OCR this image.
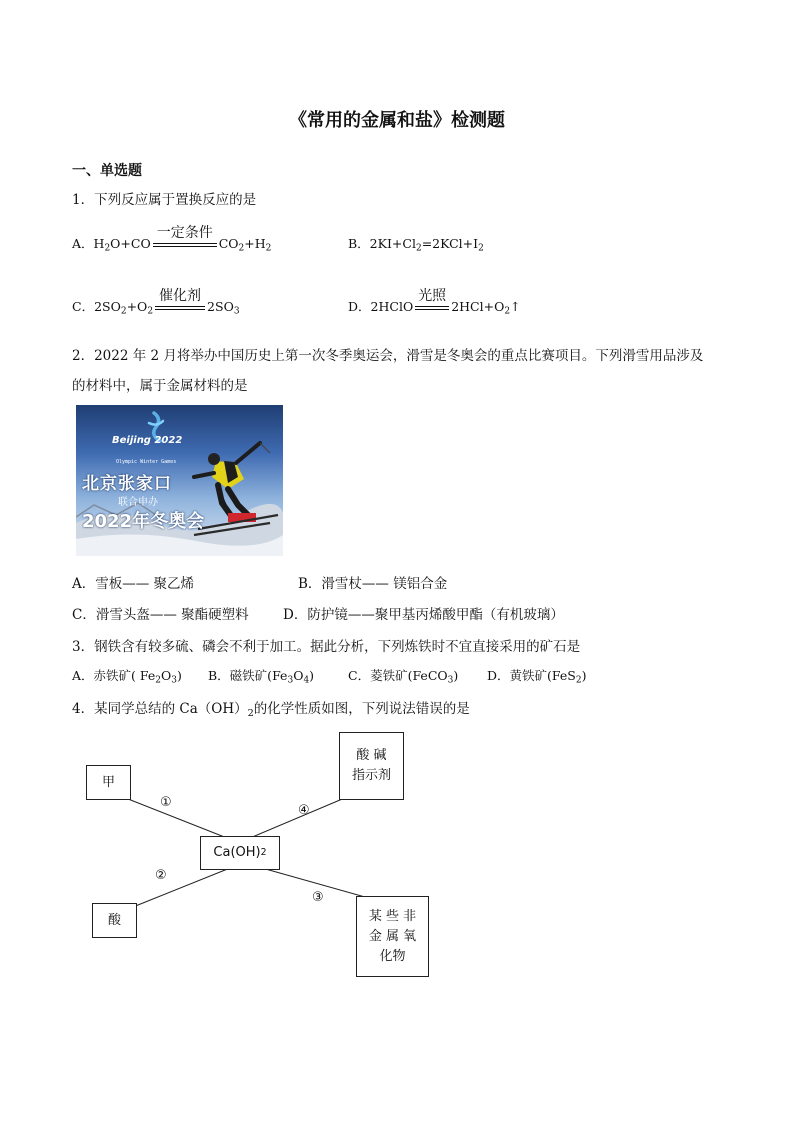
《常用的金属和盐》检测题
一、单选题
1．下列反应属于置换反应的是
A．$H_2O+CO$
一定条件
$CO_2+H_2$	B．$2KI+Cl_2=2KCl+I_2$
C．$2SO_2+O_2$
催化剂
$2SO_3$	D．2HClO
光照
$2HCl+O_2↑$
2．2022 年 2 月将举办中国历史上第一次冬季奥运会，滑雪是冬奥会的重点比赛项目。下列滑雪用品涉及
的材料中，属于金属材料的是
Beijing 2022
Olympic Winter Games
北京张家口
联合申办
2022年冬奥会
A．雪板—— 聚乙烯	B．滑雪杖—— 镁铝合金
C．滑雪头盔—— 聚酯硬塑料	D．防护镜——聚甲基丙烯酸甲酯（有机玻璃）
3．钢铁含有较多硫、磷会不利于加工。据此分析，下列炼铁时不宜直接采用的矿石是
A．赤铁矿( $Fe_2O_3$) B．磁铁矿$(Fe_3O_4)$	C．菱铁矿(FeCO$_3$) D．黄铁矿(FeS$_2$)
4．某同学总结的 $Ca(OH)_2$的化学性质如图，下列说法错误的是
甲
酸 碱
指示剂
Ca(OH) 2
酸	某 些 非
金 属 氧
化物
①
④
②
③
